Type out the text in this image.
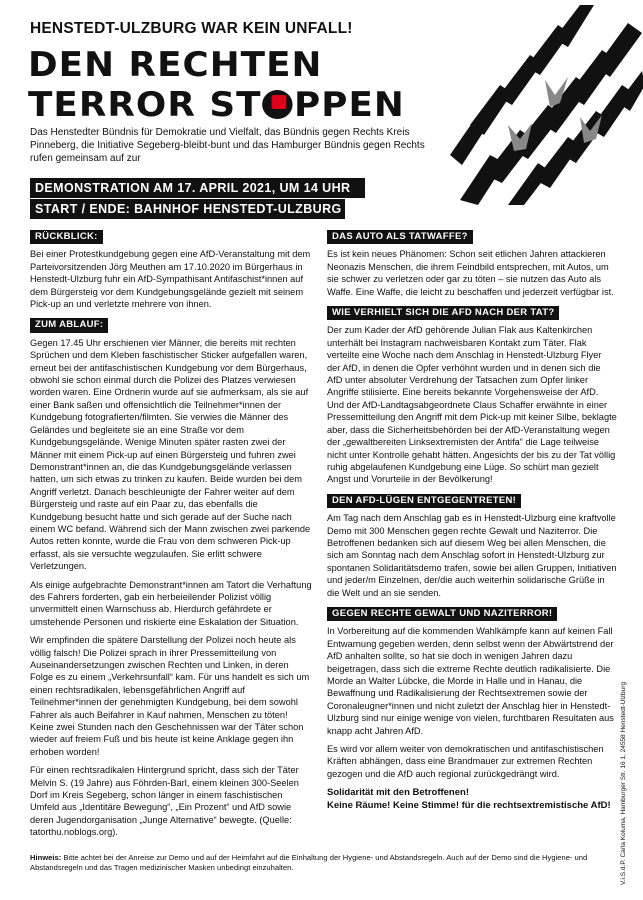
HENSTEDT-ULZBURG WAR KEIN UNFALL!
DEN RECHTEN
TERROR ST PPEN
Das Henstedter Bündnis für Demokratie und Vielfalt, das Bündnis gegen Rechts Kreis Pinneberg, die Initiative Segeberg-bleibt-bunt und das Hamburger Bündnis gegen Rechts rufen gemeinsam auf zur
DEMONSTRATION AM 17. APRIL 2021, UM 14 UHR
START / ENDE: BAHNHOF HENSTEDT-ULZBURG
RÜCKBLICK:
Bei einer Protestkundgebung gegen eine AfD-Veranstaltung mit dem Parteivorsitzenden Jörg Meuthen am 17.10.2020 im Bürgerhaus in Henstedt-Ulzburg fuhr ein AfD-Sympathisant Antifaschist*innen auf dem Bürgersteig vor dem Kundgebungsgelände gezielt mit seinem Pick-up an und verletzte mehrere von ihnen.
ZUM ABLAUF:
Gegen 17.45 Uhr erschienen vier Männer, die bereits mit rechten Sprüchen und dem Kleben faschistischer Sticker aufgefallen waren, erneut bei der antifaschistischen Kundgebung vor dem Bürgerhaus, obwohl sie schon einmal durch die Polizei des Platzes verwiesen worden waren. Eine Ordnerin wurde auf sie aufmerksam, als sie auf einer Bank saßen und offensichtlich die Teilnehmer*innen der Kundgebung fotografierten/filmten. Sie verwies die Männer des Geländes und begleitete sie an eine Straße vor dem Kundgebungsgelände. Wenige Minuten später rasten zwei der Männer mit einem Pick-up auf einen Bürgersteig und fuhren zwei Demonstrant*innen an, die das Kundgebungsgelände verlassen hatten, um sich etwas zu trinken zu kaufen. Beide wurden bei dem Angriff verletzt. Danach beschleunigte der Fahrer weiter auf dem Bürgersteig und raste auf ein Paar zu, das ebenfalls die Kundgebung besucht hatte und sich gerade auf der Suche nach einem WC befand. Während sich der Mann zwischen zwei parkende Autos retten konnte, wurde die Frau von dem schweren Pick-up erfasst, als sie versuchte wegzulaufen. Sie erlitt schwere Verletzungen.
Als einige aufgebrachte Demonstrant*innen am Tatort die Verhaftung des Fahrers forderten, gab ein herbeieilender Polizist völlig unvermittelt einen Warnschuss ab. Hierdurch gefährdete er umstehende Personen und riskierte eine Eskalation der Situation.
Wir empfinden die spätere Darstellung der Polizei noch heute als völlig falsch! Die Polizei sprach in ihrer Pressemitteilung von Auseinandersetzungen zwischen Rechten und Linken, in deren Folge es zu einem „Verkehrsunfall“ kam. Für uns handelt es sich um einen rechtsradikalen, lebensgefährlichen Angriff auf Teilnehmer*innen der genehmigten Kundgebung, bei dem sowohl Fahrer als auch Beifahrer in Kauf nahmen, Menschen zu töten! Keine zwei Stunden nach den Geschehnissen war der Täter schon wieder auf freiem Fuß und bis heute ist keine Anklage gegen ihn erhoben worden!
Für einen rechtsradikalen Hintergrund spricht, dass sich der Täter Melvin S. (19 Jahre) aus Föhrden-Barl, einem kleinen 300-Seelen Dorf im Kreis Segeberg, schon länger in einem faschistischen Umfeld aus „Identitäre Bewegung“, „Ein Prozent“ und AfD sowie deren Jugendorganisation „Junge Alternative“ bewegte. (Quelle: tatorthu.noblogs.org).
DAS AUTO ALS TATWAFFE?
Es ist kein neues Phänomen: Schon seit etlichen Jahren attackieren Neonazis Menschen, die ihrem Feindbild entsprechen, mit Autos, um sie schwer zu verletzen oder gar zu töten – sie nutzen das Auto als Waffe. Eine Waffe, die leicht zu beschaffen und jederzeit verfügbar ist.
WIE VERHIELT SICH DIE AFD NACH DER TAT?
Der zum Kader der AfD gehörende Julian Flak aus Kaltenkirchen unterhält bei Instagram nachweisbaren Kontakt zum Täter. Flak verteilte eine Woche nach dem Anschlag in Henstedt-Ulzburg Flyer der AfD, in denen die Opfer verhöhnt wurden und in denen sich die AfD unter absoluter Verdrehung der Tatsachen zum Opfer linker Angriffe stilisierte. Eine bereits bekannte Vorgehensweise der AfD. Und der AfD-Landtagsabgeordnete Claus Schaffer erwähnte in einer Pressemitteilung den Angriff mit dem Pick-up mit keiner Silbe, beklagte aber, dass die Sicherheitsbehörden bei der AfD-Veranstaltung wegen der „gewaltbereiten Linksextremisten der Antifa“ die Lage teilweise nicht unter Kontrolle gehabt hätten. Angesichts der bis zu der Tat völlig ruhig abgelaufenen Kundgebung eine Lüge. So schürt man gezielt Angst und Vorurteile in der Bevölkerung!
DEN AFD-LÜGEN ENTGEGENTRETEN!
Am Tag nach dem Anschlag gab es in Henstedt-Ulzburg eine kraftvolle Demo mit 300 Menschen gegen rechte Gewalt und Naziterror. Die Betroffenen bedanken sich auf diesem Weg bei allen Menschen, die sich am Sonntag nach dem Anschlag sofort in Henstedt-Ulzburg zur spontanen Solidaritätsdemo trafen, sowie bei allen Gruppen, Initiativen und jeder/m Einzelnen, der/die auch weiterhin solidarische Grüße in die Welt und an sie senden.
GEGEN RECHTE GEWALT UND NAZITERROR!
In Vorbereitung auf die kommenden Wahlkämpfe kann auf keinen Fall Entwarnung gegeben werden, denn selbst wenn der Abwärtstrend der AfD anhalten sollte, so hat sie doch in wenigen Jahren dazu beigetragen, dass sich die extreme Rechte deutlich radikalisierte. Die Morde an Walter Lübcke, die Morde in Halle und in Hanau, die Bewaffnung und Radikalisierung der Rechtsextremen sowie der Coronaleugner*innen und nicht zuletzt der Anschlag hier in Henstedt-Ulzburg sind nur einige wenige von vielen, furchtbaren Resultaten aus knapp acht Jahren AfD.
Es wird vor allem weiter von demokratischen und antifaschistischen Kräften abhängen, dass eine Brandmauer zur extremen Rechten gezogen und die AfD auch regional zurückgedrängt wird.
Solidarität mit den Betroffenen!
Keine Räume! Keine Stimme! für die rechtsextremistische AfD!
Hinweis: Bitte achtet bei der Anreise zur Demo und auf der Heimfahrt auf die Einhaltung der Hygiene- und Abstandsregeln. Auch auf der Demo sind die Hygiene- und Abstandsregeln und das Tragen medizinischer Masken unbedingt einzuhalten.	V.i.S.d.P. Carla Koluma, Hamburger Str. 16 1, 24558 Henstedt-Ulzburg
